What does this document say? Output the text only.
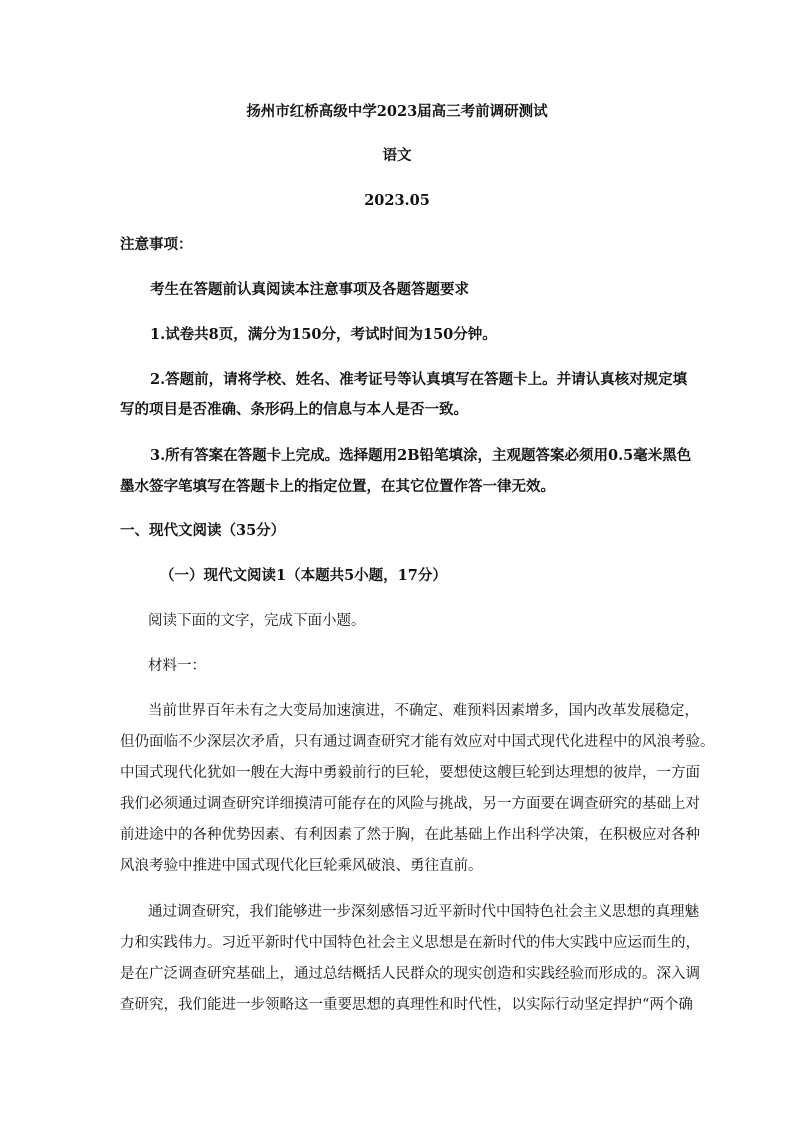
扬州市红桥高级中学2023届高三考前调研测试
语文
2023.05
注意事项：
考生在答题前认真阅读本注意事项及各题答题要求
1.试卷共8页，满分为150分，考试时间为150分钟。
2.答题前，请将学校、姓名、准考证号等认真填写在答题卡上。并请认真核对规定填
写的项目是否准确、条形码上的信息与本人是否一致。
3.所有答案在答题卡上完成。选择题用2B铅笔填涂，主观题答案必须用0.5毫米黑色
墨水签字笔填写在答题卡上的指定位置，在其它位置作答一律无效。
一、现代文阅读（35分）
（一）现代文阅读1（本题共5小题，17分）
阅读下面的文字，完成下面小题。
材料一：
当前世界百年未有之大变局加速演进，不确定、难预料因素增多，国内改革发展稳定，
但仍面临不少深层次矛盾，只有通过调查研究才能有效应对中国式现代化进程中的风浪考验。
中国式现代化犹如一艘在大海中勇毅前行的巨轮，要想使这艘巨轮到达理想的彼岸，一方面
我们必须通过调查研究详细摸清可能存在的风险与挑战，另一方面要在调查研究的基础上对
前进途中的各种优势因素、有利因素了然于胸，在此基础上作出科学决策，在积极应对各种
风浪考验中推进中国式现代化巨轮乘风破浪、勇往直前。
通过调查研究，我们能够进一步深刻感悟习近平新时代中国特色社会主义思想的真理魅
力和实践伟力。习近平新时代中国特色社会主义思想是在新时代的伟大实践中应运而生的，
是在广泛调查研究基础上，通过总结概括人民群众的现实创造和实践经验而形成的。深入调
查研究，我们能进一步领略这一重要思想的真理性和时代性，以实际行动坚定捍护“两个确
